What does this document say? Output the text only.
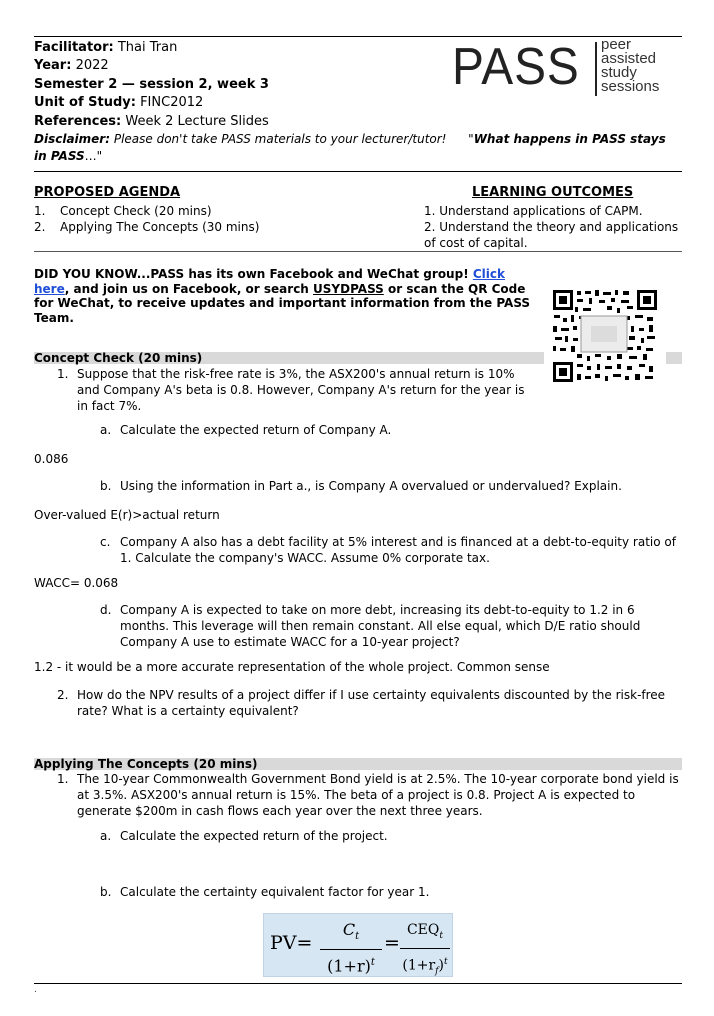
Facilitator: Thai Tran
Year: 2022
Semester 2 — session 2, week 3
Unit of Study: FINC2012
References: Week 2 Lecture Slides
Disclaimer: Please don't take PASS materials to your lecturer/tutor! "What happens in PASS stays in PASS…"
PASS peer
assisted
study
sessions
PROPOSED AGENDA	LEARNING OUTCOMES
1. Concept Check (20 mins)
2. Applying The Concepts (30 mins)
1. Understand applications of CAPM.
2. Understand the theory and applications of cost of capital.
DID YOU KNOW...PASS has its own Facebook and WeChat group! Click here, and join us on Facebook, or search USYDPASS or scan the QR Code for WeChat, to receive updates and important information from the PASS Team.
Concept Check (20 mins)
1. Suppose that the risk-free rate is 3%, the ASX200's annual return is 10% and Company A's beta is 0.8. However, Company A's return for the year is in fact 7%.
a. Calculate the expected return of Company A.
0.086
b. Using the information in Part a., is Company A overvalued or undervalued? Explain.
Over-valued E(r)>actual return
c. Company A also has a debt facility at 5% interest and is financed at a debt-to-equity ratio of 1. Calculate the company's WACC. Assume 0% corporate tax.
WACC= 0.068
d. Company A is expected to take on more debt, increasing its debt-to-equity to 1.2 in 6 months. This leverage will then remain constant. All else equal, which D/E ratio should Company A use to estimate WACC for a 10-year project?
1.2 - it would be a more accurate representation of the whole project. Common sense
2. How do the NPV results of a project differ if I use certainty equivalents discounted by the risk-free rate? What is a certainty equivalent?
Applying The Concepts (20 mins)
1. The 10-year Commonwealth Government Bond yield is at 2.5%. The 10-year corporate bond yield is at 3.5%. ASX200's annual return is 15%. The beta of a project is 0.8. Project A is expected to generate $200m in cash flows each year over the next three years.
a. Calculate the expected return of the project.
b. Calculate the certainty equivalent factor for year 1.
PV=
$C_t$
$(1+r)^t$
=
$CEQ_t$
$(1+r_f)^t$
.
